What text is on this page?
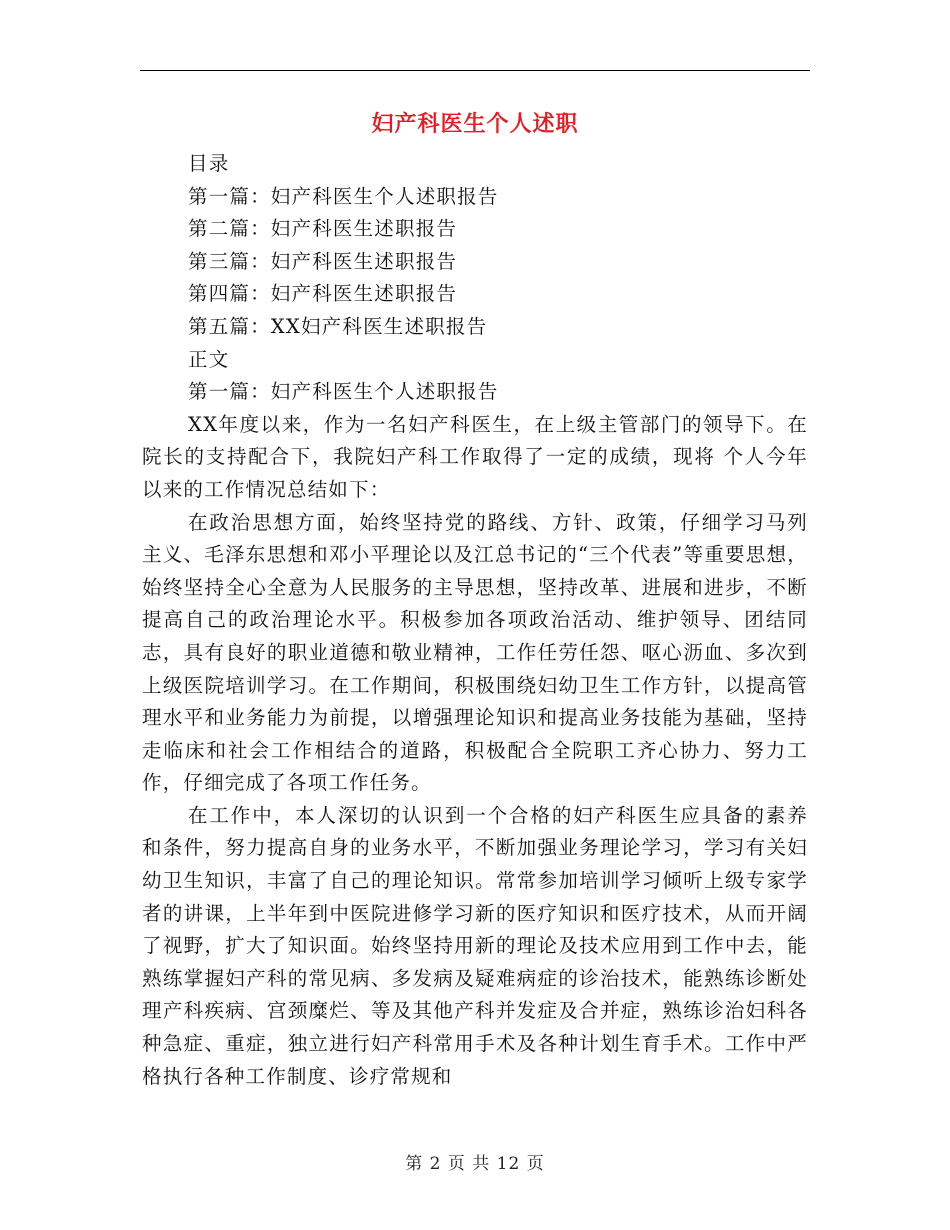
妇产科医生个人述职

目录

第一篇：妇产科医生个人述职报告

第二篇：妇产科医生述职报告

第三篇：妇产科医生述职报告

第四篇：妇产科医生述职报告

第五篇：XX妇产科医生述职报告

正文

第一篇：妇产科医生个人述职报告

XX年度以来，作为一名妇产科医生，在上级主管部门的领导下。在院长的支持配合下，我院妇产科工作取得了一定的成绩，现将 个人今年以来的工作情况总结如下：

在政治思想方面，始终坚持党的路线、方针、政策，仔细学习马列主义、毛泽东思想和邓小平理论以及江总书记的“三个代表”等重要思想，始终坚持全心全意为人民服务的主导思想，坚持改革、进展和进步，不断提高自己的政治理论水平。积极参加各项政治活动、维护领导、团结同志，具有良好的职业道德和敬业精神，工作任劳任怨、呕心沥血、多次到上级医院培训学习。在工作期间，积极围绕妇幼卫生工作方针，以提高管理水平和业务能力为前提，以增强理论知识和提高业务技能为基础，坚持走临床和社会工作相结合的道路，积极配合全院职工齐心协力、努力工作，仔细完成了各项工作任务。

在工作中，本人深切的认识到一个合格的妇产科医生应具备的素养和条件，努力提高自身的业务水平，不断加强业务理论学习，学习有关妇幼卫生知识，丰富了自己的理论知识。常常参加培训学习倾听上级专家学者的讲课，上半年到中医院进修学习新的医疗知识和医疗技术，从而开阔了视野，扩大了知识面。始终坚持用新的理论及技术应用到工作中去，能熟练掌握妇产科的常见病、多发病及疑难病症的诊治技术，能熟练诊断处理产科疾病、宫颈糜烂、等及其他产科并发症及合并症，熟练诊治妇科各种急症、重症，独立进行妇产科常用手术及各种计划生育手术。工作中严格执行各种工作制度、诊疗常规和

第 2 页 共 12 页
